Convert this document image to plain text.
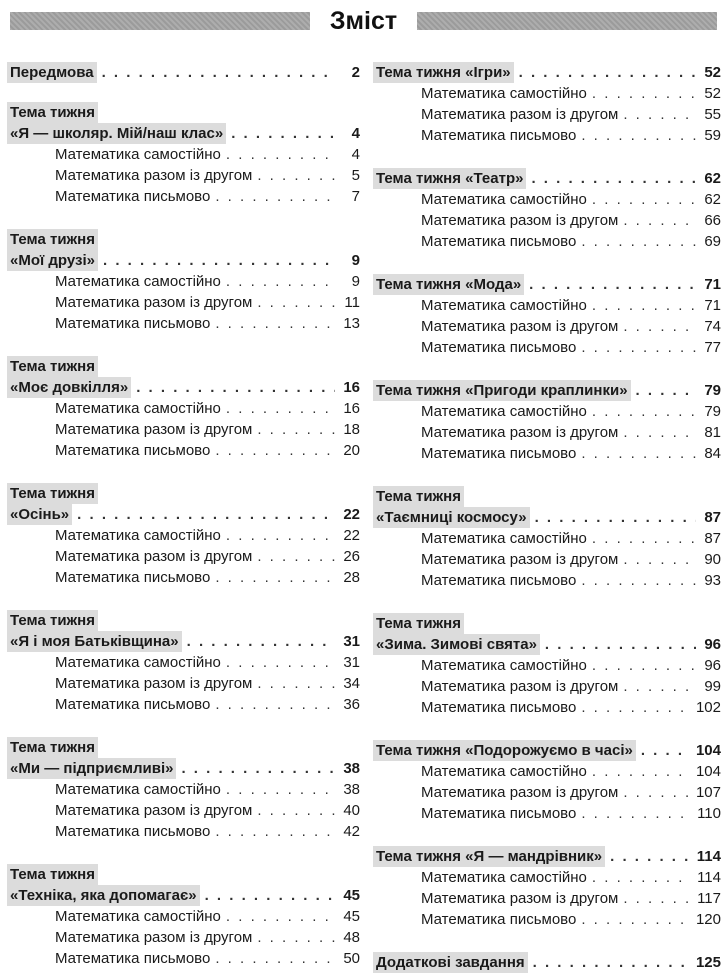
Зміст
Передмова . . .	2
Тема тижня
«Я — школяр. Мій/наш клас» . . .	4
Математика самостійно . . .	4
Математика разом із другом . . .	5
Математика письмово . . .	7
Тема тижня
«Мої друзі» . . .	9
Математика самостійно . . .	9
Математика разом із другом . . .	11
Математика письмово . . .	13
Тема тижня
«Моє довкілля» . . .	16
Математика самостійно . . .	16
Математика разом із другом . . .	18
Математика письмово . . .	20
Тема тижня
«Осінь» . . .	22
Математика самостійно . . .	22
Математика разом із другом . . .	26
Математика письмово . . .	28
Тема тижня
«Я і моя Батьківщина» . . .	31
Математика самостійно . . .	31
Математика разом із другом . . .	34
Математика письмово . . .	36
Тема тижня
«Ми — підприємливі» . . .	38
Математика самостійно . . .	38
Математика разом із другом . . .	40
Математика письмово . . .	42
Тема тижня
«Техніка, яка допомагає» . . .	45
Математика самостійно . . .	45
Математика разом із другом . . .	48
Математика письмово . . .	50
Тема тижня «Ігри» . . .	52
Математика самостійно . . .	52
Математика разом із другом . . .	55
Математика письмово . . .	59
Тема тижня «Театр» . . .	62
Математика самостійно . . .	62
Математика разом із другом . . .	66
Математика письмово . . .	69
Тема тижня «Мода» . . .	71
Математика самостійно . . .	71
Математика разом із другом . . .	74
Математика письмово . . .	77
Тема тижня «Пригоди краплинки» . . .	79
Математика самостійно . . .	79
Математика разом із другом . . .	81
Математика письмово . . .	84
Тема тижня
«Таємниці космосу» . . .	87
Математика самостійно . . .	87
Математика разом із другом . . .	90
Математика письмово . . .	93
Тема тижня
«Зима. Зимові свята» . . .	96
Математика самостійно . . .	96
Математика разом із другом . . .	99
Математика письмово . . .	102
Тема тижня «Подорожуємо в часі» . . .	104
Математика самостійно . . .	104
Математика разом із другом . . .	107
Математика письмово . . .	110
Тема тижня «Я — мандрівник» . . .	114
Математика самостійно . . .	114
Математика разом із другом . . .	117
Математика письмово . . .	120
Додаткові завдання . . .	125
